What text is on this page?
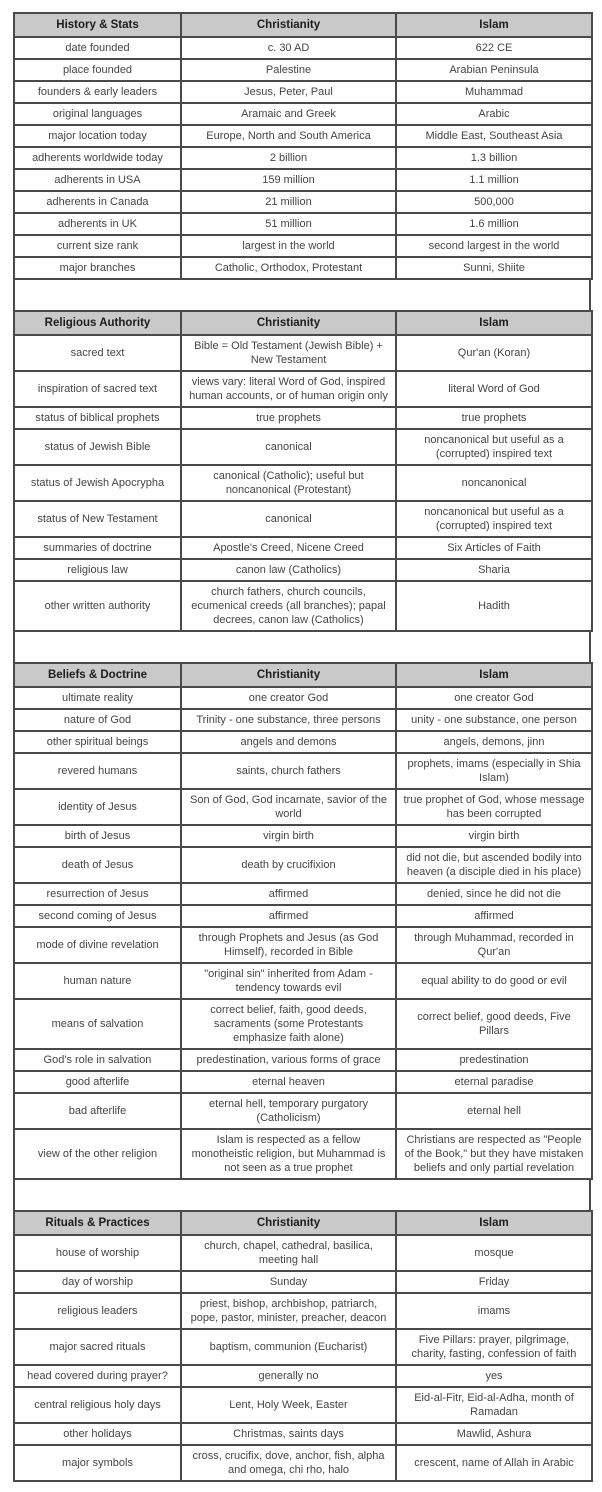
History & Stats	Christianity	Islam
date founded	c. 30 AD	622 CE
place founded	Palestine	Arabian Peninsula
founders & early leaders	Jesus, Peter, Paul	Muhammad
original languages	Aramaic and Greek	Arabic
major location today	Europe, North and South America	Middle East, Southeast Asia
adherents worldwide today	2 billion	1.3 billion
adherents in USA	159 million	1.1 million
adherents in Canada	21 million	500,000
adherents in UK	51 million	1.6 million
current size rank	largest in the world	second largest in the world
major branches	Catholic, Orthodox, Protestant	Sunni, Shiite
Religious Authority	Christianity	Islam
sacred text	Bible = Old Testament (Jewish Bible) + New Testament	Qur'an (Koran)
inspiration of sacred text	views vary: literal Word of God, inspired human accounts, or of human origin only	literal Word of God
status of biblical prophets	true prophets	true prophets
status of Jewish Bible	canonical	noncanonical but useful as a (corrupted) inspired text
status of Jewish Apocrypha	canonical (Catholic); useful but noncanonical (Protestant)	noncanonical
status of New Testament	canonical	noncanonical but useful as a (corrupted) inspired text
summaries of doctrine	Apostle's Creed, Nicene Creed	Six Articles of Faith
religious law	canon law (Catholics)	Sharia
other written authority	church fathers, church councils, ecumenical creeds (all branches); papal decrees, canon law (Catholics)	Hadith
Beliefs & Doctrine	Christianity	Islam
ultimate reality	one creator God	one creator God
nature of God	Trinity - one substance, three persons	unity - one substance, one person
other spiritual beings	angels and demons	angels, demons, jinn
revered humans	saints, church fathers	prophets, imams (especially in Shia Islam)
identity of Jesus	Son of God, God incarnate, savior of the world	true prophet of God, whose message has been corrupted
birth of Jesus	virgin birth	virgin birth
death of Jesus	death by crucifixion	did not die, but ascended bodily into heaven (a disciple died in his place)
resurrection of Jesus	affirmed	denied, since he did not die
second coming of Jesus	affirmed	affirmed
mode of divine revelation	through Prophets and Jesus (as God Himself), recorded in Bible	through Muhammad, recorded in Qur'an
human nature	"original sin" inherited from Adam - tendency towards evil	equal ability to do good or evil
means of salvation	correct belief, faith, good deeds, sacraments (some Protestants emphasize faith alone)	correct belief, good deeds, Five Pillars
God's role in salvation	predestination, various forms of grace	predestination
good afterlife	eternal heaven	eternal paradise
bad afterlife	eternal hell, temporary purgatory (Catholicism)	eternal hell
view of the other religion	Islam is respected as a fellow monotheistic religion, but Muhammad is not seen as a true prophet	Christians are respected as "People of the Book," but they have mistaken beliefs and only partial revelation
Rituals & Practices	Christianity	Islam
house of worship	church, chapel, cathedral, basilica, meeting hall	mosque
day of worship	Sunday	Friday
religious leaders	priest, bishop, archbishop, patriarch, pope, pastor, minister, preacher, deacon	imams
major sacred rituals	baptism, communion (Eucharist)	Five Pillars: prayer, pilgrimage, charity, fasting, confession of faith
head covered during prayer?	generally no	yes
central religious holy days	Lent, Holy Week, Easter	Eid-al-Fitr, Eid-al-Adha, month of Ramadan
other holidays	Christmas, saints days	Mawlid, Ashura
major symbols	cross, crucifix, dove, anchor, fish, alpha and omega, chi rho, halo	crescent, name of Allah in Arabic
